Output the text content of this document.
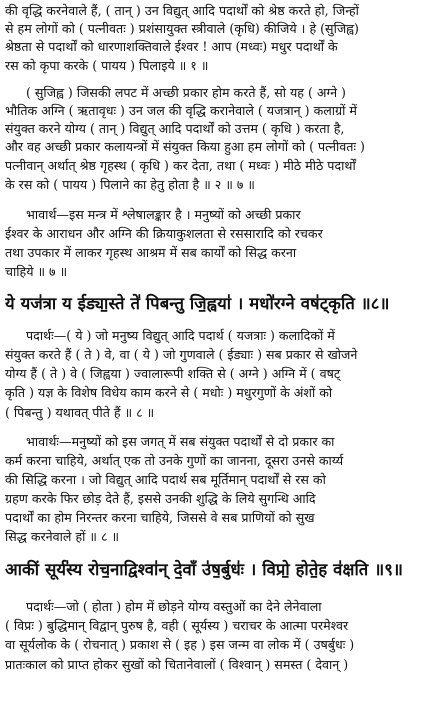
की वृद्धि करनेवाले हैं, ( तान् ) उन विद्युत् आदि पदार्थों को श्रेष्ठ करते हो, जिन्हों
से हम लोगों को ( पत्नीवतः ) प्रशंसायुक्त स्त्रीवाले (कृधि) कीजिये । हे (सुजिह्व)
श्रेष्ठता से पदार्थों को धारणाशक्तिवाले ईश्वर ! आप (मध्वः) मधुर पदार्थों के
रस को कृपा करके ( पायय ) पिलाइये ॥ १ ॥
( सुजिह्व ) जिसकी लपट में अच्छी प्रकार होम करते हैं, सो यह ( अग्ने )
भौतिक अग्नि ( ऋतावृधः ) उन जल की वृद्धि करानेवाले ( यजत्रान् ) कलाग्रों में
संयुक्त करने योग्य ( तान् ) विद्युत् आदि पदार्थों को उत्तम ( कृधि ) करता है,
और वह अच्छी प्रकार कलायन्त्रों में संयुक्त किया हुआ हम लोगों को ( पत्नीवतः )
पत्नीवान् अर्थात् श्रेष्ठ गृहस्थ ( कृधि ) कर देता, तथा ( मध्वः ) मीठे मीठे पदार्थों
के रस को ( पायय ) पिलाने का हेतु होता है ॥ २ ॥ ७ ॥
भावार्थ—इस मन्त्र में श्लेषालङ्कार है । मनुष्यों को अच्छी प्रकार
ईश्वर के आराधन और अग्नि की क्रियाकुशलता से रससारादि को रचकर
तथा उपकार में लाकर गृहस्थ आश्रम में सब कार्यों को सिद्ध करना
चाहिये ॥ ७ ॥
ये यज॑त्रा य ईड्या॒स्ते ते॑ पिबन्तु जि॒ह्वया॑ । मधो॑रग्ने वष॑ट्कृति ॥८॥
पदार्थः—( ये ) जो मनुष्य विद्युत् आदि पदार्थ ( यजत्राः ) कलादिकों में
संयुक्त करते हैं ( ते ) वे, वा ( ये ) जो गुणवाले ( ईड्याः ) सब प्रकार से खोजने
योग्य हैं ( ते ) वे ( जिह्वया ) ज्वालारूपी शक्ति से ( अग्ने ) अग्नि में ( वषट्
कृति ) यज्ञ के विशेष विधेय काम करने से ( मधोः ) मधुरगुणों के अंशों को
( पिबन्तु ) यथावत् पीते हैं ॥ ८ ॥
भावार्थः—मनुष्यों को इस जगत् में सब संयुक्त पदार्थों से दो प्रकार का
कर्म करना चाहिये, अर्थात् एक तो उनके गुणों का जानना, दूसरा उनसे कार्य्य
की सिद्धि करना । जो विद्युत् आदि पदार्थ सब मूर्तिमान् पदार्थों से रस को
ग्रहण करके फिर छोड़ देते हैं, इससे उनकी शुद्धि के लिये सुगन्धि आदि
पदार्थों का होम निरन्तर करना चाहिये, जिससे वे सब प्राणियों को सुख
सिद्ध करनेवाले हों ॥ ८ ॥
आकीं सूर्य॑स्य रोच॒नाद्विश्वा॑न् दे॒वाँ उ॑ष॒र्बुधः॑ । विप्रो॒ होते॒ह व॑क्षति ॥९॥
पदार्थः—जो ( होता ) होम में छोड़ने योग्य वस्तुओं का देने लेनेवाला
( विप्रः ) बुद्धिमान् विद्वान् पुरुष है, वही ( सूर्यस्य ) चराचर के आत्मा परमेश्वर
वा सूर्यलोक के ( रोचनात् ) प्रकाश से ( इह ) इस जन्म वा लोक में ( उषर्बुधः )
प्रातःकाल को प्राप्त होकर सुखों को चितानेवालों ( विश्वान् ) समस्त ( देवान् )
